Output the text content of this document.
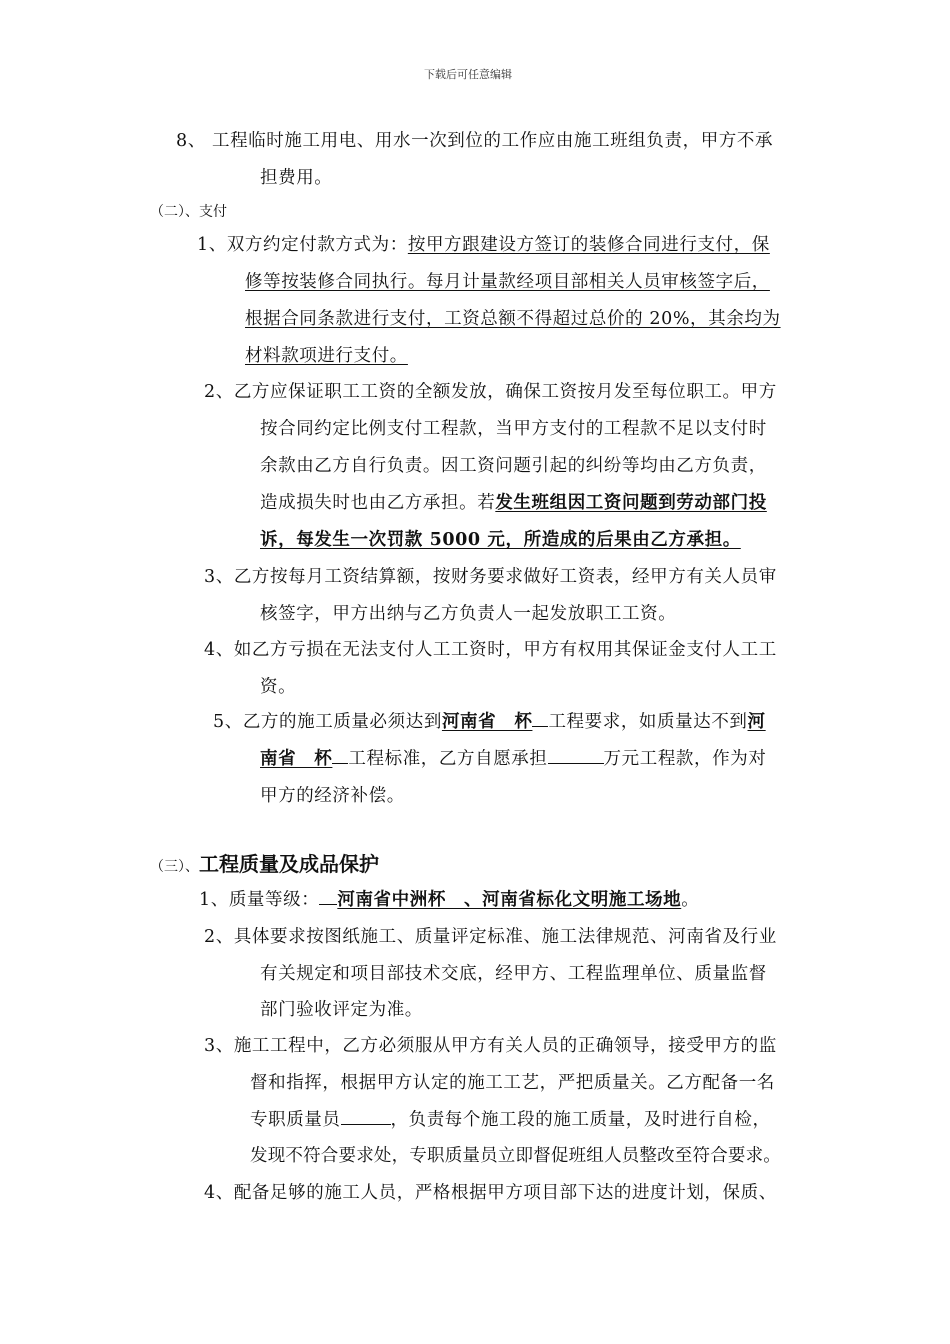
下载后可任意编辑
8、 工程临时施工用电、用水一次到位的工作应由施工班组负责，甲方不承
担费用。
（二）、支付
1、双方约定付款方式为：按甲方跟建设方签订的装修合同进行支付，保
修等按装修合同执行。每月计量款经项目部相关人员审核签字后，
根据合同条款进行支付，工资总额不得超过总价的 20%，其余均为
材料款项进行支付。
2、乙方应保证职工工资的全额发放，确保工资按月发至每位职工。甲方
按合同约定比例支付工程款，当甲方支付的工程款不足以支付时
余款由乙方自行负责。因工资问题引起的纠纷等均由乙方负责，
造成损失时也由乙方承担。若发生班组因工资问题到劳动部门投
诉，每发生一次罚款 5000 元，所造成的后果由乙方承担。
3、乙方按每月工资结算额，按财务要求做好工资表，经甲方有关人员审
核签字，甲方出纳与乙方负责人一起发放职工工资。
4、如乙方亏损在无法支付人工工资时，甲方有权用其保证金支付人工工
资。
5、乙方的施工质量必须达到河南省　杯 工程要求，如质量达不到河
南省　杯 工程标准，乙方自愿承担	万元工程款，作为对
甲方的经济补偿。
（三）、工程质量及成品保护
1、质量等级： 河南省中洲杯　、河南省标化文明施工场地。
2、具体要求按图纸施工、质量评定标准、施工法律规范、河南省及行业
有关规定和项目部技术交底，经甲方、工程监理单位、质量监督
部门验收评定为准。
3、施工工程中，乙方必须服从甲方有关人员的正确领导，接受甲方的监
督和指挥，根据甲方认定的施工工艺，严把质量关。乙方配备一名
专职质量员	，负责每个施工段的施工质量，及时进行自检，
发现不符合要求处，专职质量员立即督促班组人员整改至符合要求。
4、配备足够的施工人员，严格根据甲方项目部下达的进度计划，保质、
